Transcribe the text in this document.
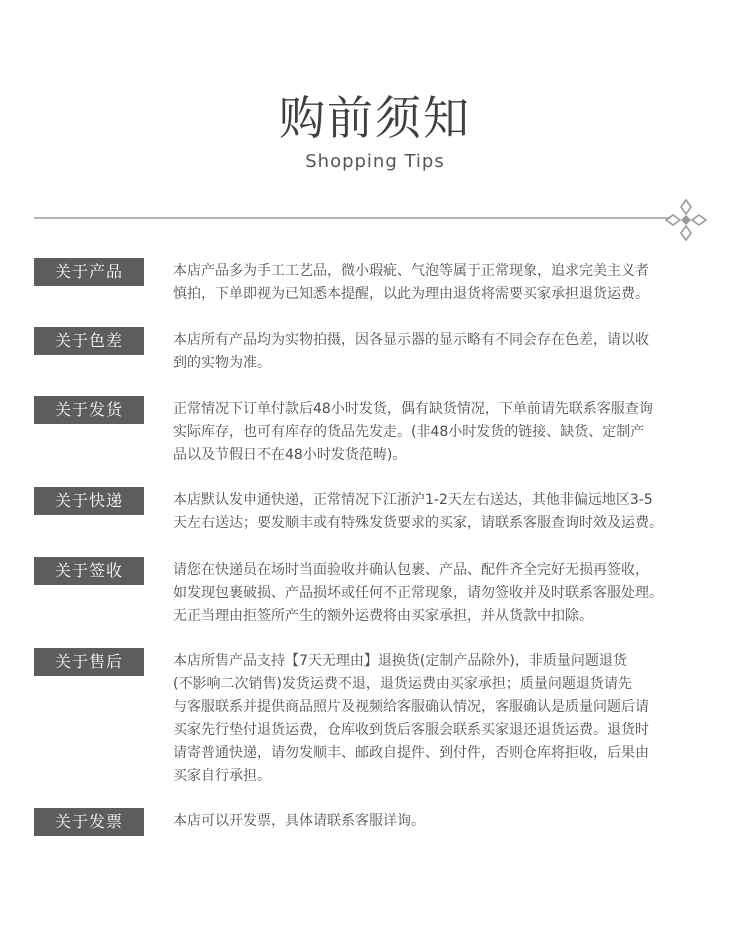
购前须知
Shopping Tips
关于产品	本店产品多为手工工艺品，微小瑕疵、气泡等属于正常现象，追求完美主义者
慎拍，下单即视为已知悉本提醒，以此为理由退货将需要买家承担退货运费。
关于色差	本店所有产品均为实物拍摄，因各显示器的显示略有不同会存在色差，请以收
到的实物为准。
关于发货	正常情况下订单付款后48小时发货，偶有缺货情况，下单前请先联系客服查询
实际库存，也可有库存的货品先发走。(非48小时发货的链接、缺货、定制产
品以及节假日不在48小时发货范畴)。
关于快递	本店默认发申通快递，正常情况下江浙沪1-2天左右送达，其他非偏远地区3-5
天左右送达；要发顺丰或有特殊发货要求的买家，请联系客服查询时效及运费。
关于签收	请您在快递员在场时当面验收并确认包裹、产品、配件齐全完好无损再签收，
如发现包裹破损、产品损坏或任何不正常现象，请勿签收并及时联系客服处理。
无正当理由拒签所产生的额外运费将由买家承担，并从货款中扣除。
关于售后	本店所售产品支持【7天无理由】退换货(定制产品除外)，非质量问题退货
(不影响二次销售)发货运费不退，退货运费由买家承担；质量问题退货请先
与客服联系并提供商品照片及视频给客服确认情况，客服确认是质量问题后请
买家先行垫付退货运费，仓库收到货后客服会联系买家退还退货运费。退货时
请寄普通快递，请勿发顺丰、邮政自提件、到付件，否则仓库将拒收，后果由
买家自行承担。
关于发票	本店可以开发票，具体请联系客服详询。
